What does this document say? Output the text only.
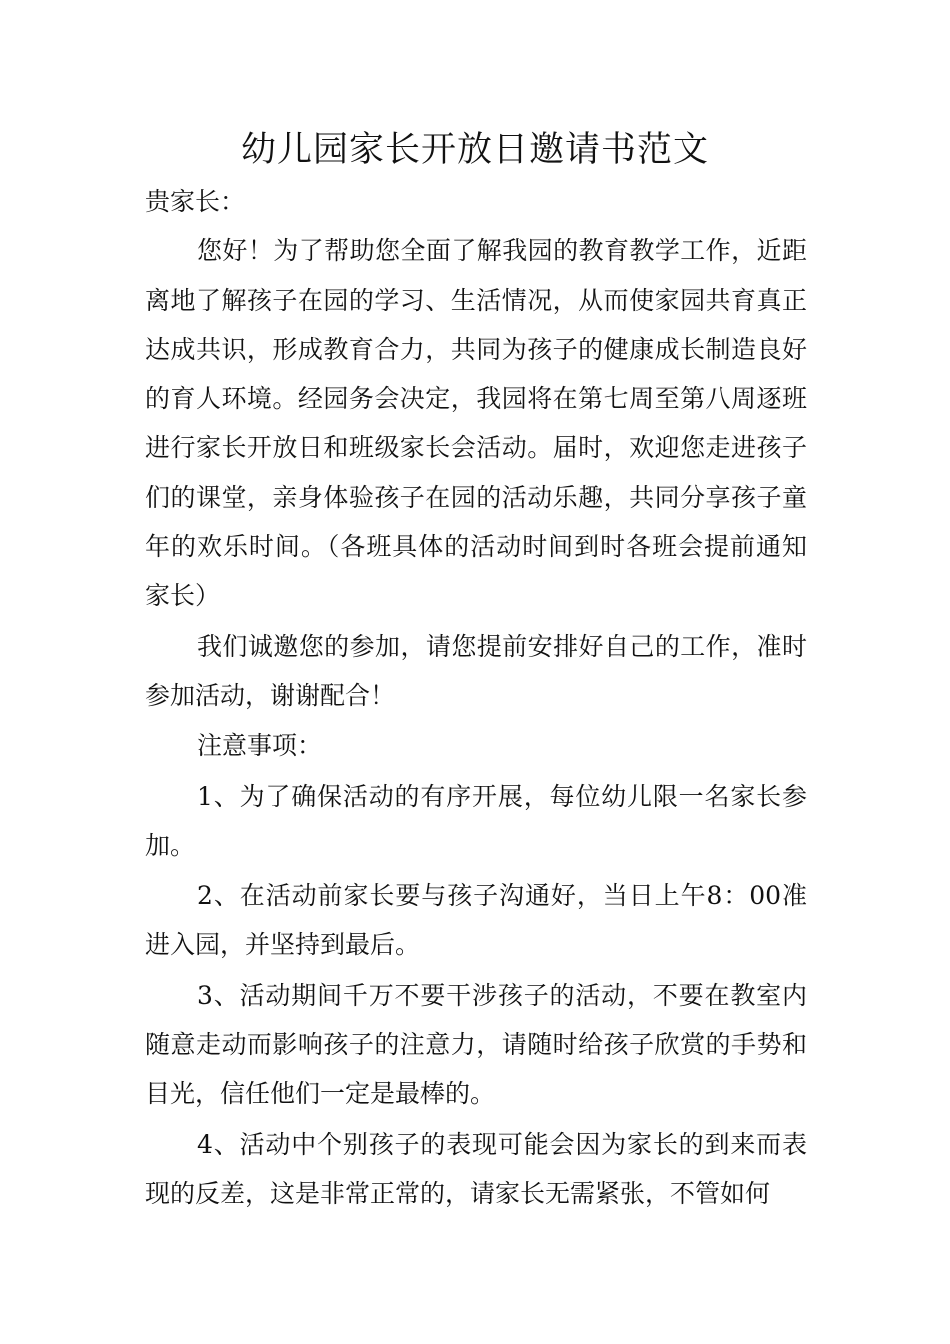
幼儿园家长开放日邀请书范文

贵家长：

您好！为了帮助您全面了解我园的教育教学工作，近距离地了解孩子在园的学习、生活情况，从而使家园共育真正达成共识，形成教育合力，共同为孩子的健康成长制造良好的育人环境。经园务会决定，我园将在第七周至第八周逐班进行家长开放日和班级家长会活动。届时，欢迎您走进孩子们的课堂，亲身体验孩子在园的活动乐趣，共同分享孩子童年的欢乐时间。（各班具体的活动时间到时各班会提前通知家长）

我们诚邀您的参加，请您提前安排好自己的工作，准时参加活动，谢谢配合！

注意事项：

1、为了确保活动的有序开展，每位幼儿限一名家长参加。

2、在活动前家长要与孩子沟通好，当日上午8：00准进入园，并坚持到最后。

3、活动期间千万不要干涉孩子的活动，不要在教室内随意走动而影响孩子的注意力，请随时给孩子欣赏的手势和目光，信任他们一定是最棒的。

4、活动中个别孩子的表现可能会因为家长的到来而表现的反差，这是非常正常的，请家长无需紧张，不管如何
